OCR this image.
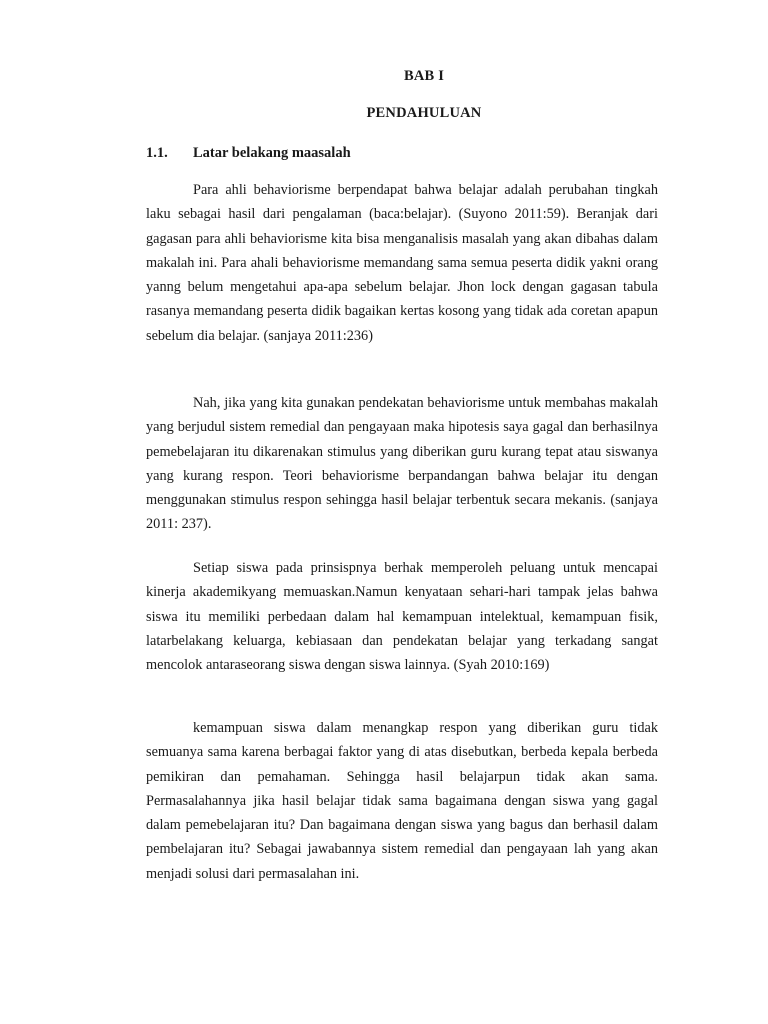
BAB I
PENDAHULUAN
1.1. Latar belakang maasalah

Para ahli behaviorisme berpendapat bahwa belajar adalah perubahan tingkah laku sebagai hasil dari pengalaman (baca:belajar). (Suyono 2011:59). Beranjak dari gagasan para ahli behaviorisme kita bisa menganalisis masalah yang akan dibahas dalam makalah ini. Para ahali behaviorisme memandang sama semua peserta didik yakni orang yanng belum mengetahui apa-apa sebelum belajar. Jhon lock dengan gagasan tabula rasanya memandang peserta didik bagaikan kertas kosong yang tidak ada coretan apapun sebelum dia belajar. (sanjaya 2011:236)

Nah, jika yang kita gunakan pendekatan behaviorisme untuk membahas makalah yang berjudul sistem remedial dan pengayaan maka hipotesis saya gagal dan berhasilnya pemebelajaran itu dikarenakan stimulus yang diberikan guru kurang tepat atau siswanya yang kurang respon. Teori behaviorisme berpandangan bahwa belajar itu dengan menggunakan stimulus respon sehingga hasil belajar terbentuk secara mekanis. (sanjaya 2011: 237).

Setiap siswa pada prinsispnya berhak memperoleh peluang untuk mencapai kinerja akademikyang memuaskan.Namun kenyataan sehari-hari tampak jelas bahwa siswa itu memiliki perbedaan dalam hal kemampuan intelektual, kemampuan fisik, latarbelakang keluarga, kebiasaan dan pendekatan belajar yang terkadang sangat mencolok antaraseorang siswa dengan siswa lainnya. (Syah 2010:169)

kemampuan siswa dalam menangkap respon yang diberikan guru tidak semuanya sama karena berbagai faktor yang di atas disebutkan, berbeda kepala berbeda pemikiran dan pemahaman. Sehingga hasil belajarpun tidak akan sama. Permasalahannya jika hasil belajar tidak sama bagaimana dengan siswa yang gagal dalam pemebelajaran itu? Dan bagaimana dengan siswa yang bagus dan berhasil dalam pembelajaran itu? Sebagai jawabannya sistem remedial dan pengayaan lah yang akan menjadi solusi dari permasalahan ini.
